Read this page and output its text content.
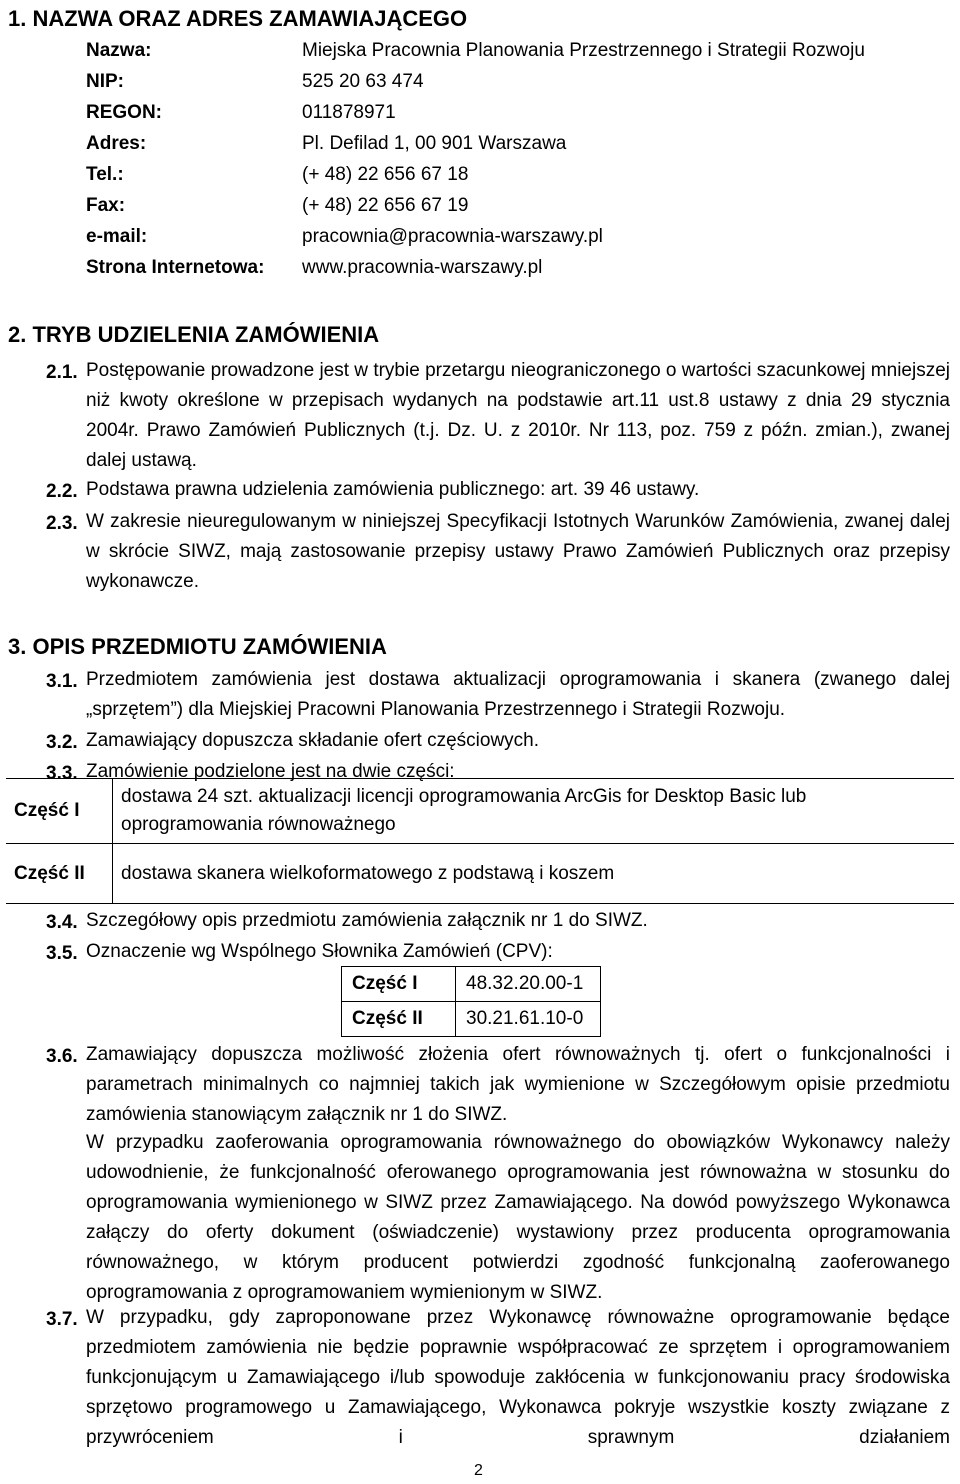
1. NAZWA ORAZ ADRES ZAMAWIAJĄCEGO
Nazwa:	Miejska Pracownia Planowania Przestrzennego i Strategii Rozwoju
NIP:	525 20 63 474
REGON:	011878971
Adres:	Pl. Defilad 1, 00 901 Warszawa
Tel.:	(+ 48) 22 656 67 18
Fax:	(+ 48) 22 656 67 19
e-mail:	pracownia@pracownia-warszawy.pl
Strona Internetowa: www.pracownia-warszawy.pl
2. TRYB UDZIELENIA ZAMÓWIENIA
2.1. Postępowanie prowadzone jest w trybie przetargu nieograniczonego o wartości szacunkowej mniejszej niż kwoty określone w przepisach wydanych na podstawie art.11 ust.8 ustawy z dnia 29 stycznia 2004r. Prawo Zamówień Publicznych (t.j. Dz. U. z 2010r. Nr 113, poz. 759 z późn. zmian.), zwanej dalej ustawą.
2.2. Podstawa prawna udzielenia zamówienia publicznego: art. 39 46 ustawy.
2.3. W zakresie nieuregulowanym w niniejszej Specyfikacji Istotnych Warunków Zamówienia, zwanej dalej w skrócie SIWZ, mają zastosowanie przepisy ustawy Prawo Zamówień Publicznych oraz przepisy wykonawcze.
3. OPIS PRZEDMIOTU ZAMÓWIENIA
3.1. Przedmiotem zamówienia jest dostawa aktualizacji oprogramowania i skanera (zwanego dalej „sprzętem”) dla Miejskiej Pracowni Planowania Przestrzennego i Strategii Rozwoju.
3.2. Zamawiający dopuszcza składanie ofert częściowych.
3.3. Zamówienie podzielone jest na dwie części:
Część I	dostawa 24 szt. aktualizacji licencji oprogramowania ArcGis for Desktop Basic lub oprogramowania równoważnego
Część II	dostawa skanera wielkoformatowego z podstawą i koszem
3.4. Szczegółowy opis przedmiotu zamówienia załącznik nr 1 do SIWZ.
3.5. Oznaczenie wg Wspólnego Słownika Zamówień (CPV):
Część I	48.32.20.00-1
Część II	30.21.61.10-0
3.6. Zamawiający dopuszcza możliwość złożenia ofert równoważnych tj. ofert o funkcjonalności i parametrach minimalnych co najmniej takich jak wymienione w Szczegółowym opisie przedmiotu zamówienia stanowiącym załącznik nr 1 do SIWZ.
W przypadku zaoferowania oprogramowania równoważnego do obowiązków Wykonawcy należy udowodnienie, że funkcjonalność oferowanego oprogramowania jest równoważna w stosunku do oprogramowania wymienionego w SIWZ przez Zamawiającego. Na dowód powyższego Wykonawca załączy do oferty dokument (oświadczenie) wystawiony przez producenta oprogramowania równoważnego, w którym producent potwierdzi zgodność funkcjonalną zaoferowanego oprogramowania z oprogramowaniem wymienionym w SIWZ.
3.7. W przypadku, gdy zaproponowane przez Wykonawcę równoważne oprogramowanie będące przedmiotem zamówienia nie będzie poprawnie współpracować ze sprzętem i oprogramowaniem funkcjonującym u Zamawiającego i/lub spowoduje zakłócenia w funkcjonowaniu pracy środowiska sprzętowo programowego u Zamawiającego, Wykonawca pokryje wszystkie koszty związane z przywróceniem i sprawnym działaniem
2
